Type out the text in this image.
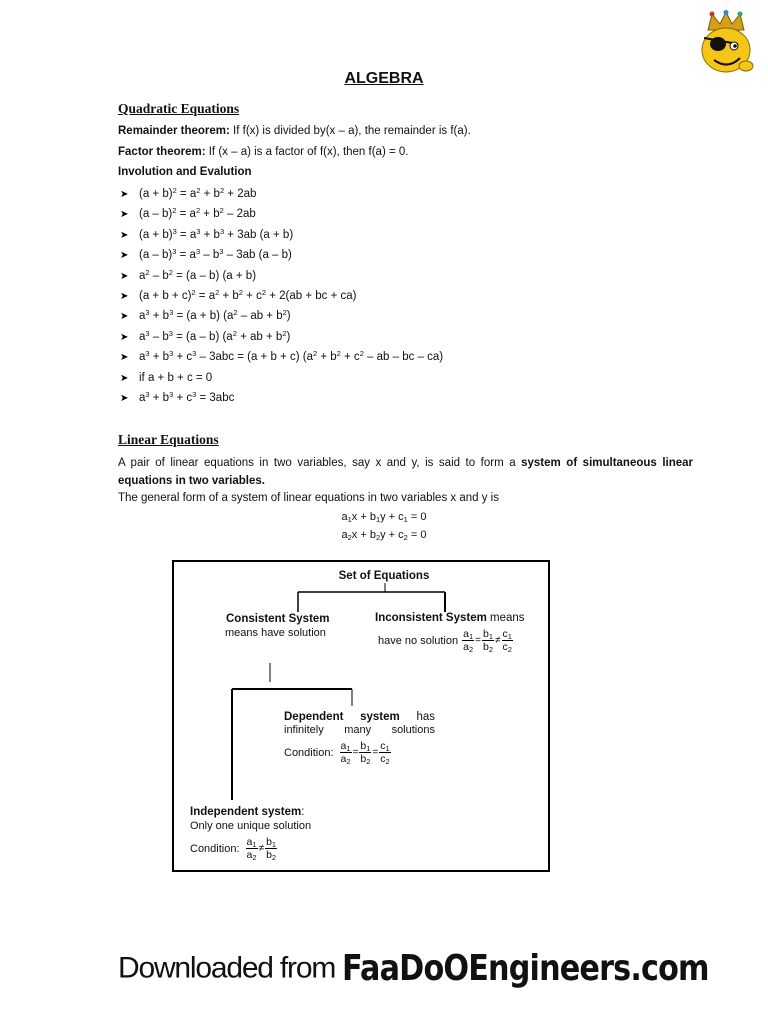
ALGEBRA
Quadratic Equations
Remainder theorem: If f(x) is divided by(x – a), the remainder is f(a).
Factor theorem: If (x – a) is a factor of f(x), then f(a) = 0.
Involution and Evalution
➤ $(a + b)^2 = a^2 + b^2 + 2ab$
➤ $(a - b)^2 = a^2 + b^2 - 2ab$
➤ $(a + b)^3 = a^3 + b^3 + 3ab$ (a + b)
➤ $(a - b)^3 = a^3 - b^3 - 3ab$ (a – b)
➤ $a^2 - b^2 = (a - b) (a + b)$
➤ $(a + b + c)^2 = a^2 + b^2 + c^2 + 2(ab$ + bc + ca)
➤ $a^3 + b^3 = (a + b)$ ($a^2$ – ab + $b^2$)
➤ $a^3 - b^3 = (a - b) (a^2$ + ab + $b^2$)
➤ $a^3 + b^3 + c^3 - 3abc = (a + b + c) (a^2 + b^2 + c^2$ – ab – bc – ca)
➤ if a + b + c = 0
➤ $a^3 + b^3 + c^3 = 3abc$
Linear Equations
A pair of linear equations in two variables, say x and y, is said to form a system of simultaneous linear equations in two variables.
The general form of a system of linear equations in two variables x and y is
$a_1x + b_1y + c_1 = 0$
$a_2x + b_2y + c_2 = 0$
Set of Equations
Consistent System
means have solution
Inconsistent System means
have no solution $\frac{a_1}{a_2} = \frac{b_1}{b_2} \ne \frac{c_1}{c_2}$
Dependent system has
infinitely many solutions
Condition: $\frac{a_1}{a_2} = \frac{b_1}{b_2} = \frac{c_1}{c_2}$
Independent system:
Only one unique solution
Condition: $\frac{a_1}{a_2} \ne \frac{b_1}{b_2}$
Downloaded from FaaDoOEngineers.com
